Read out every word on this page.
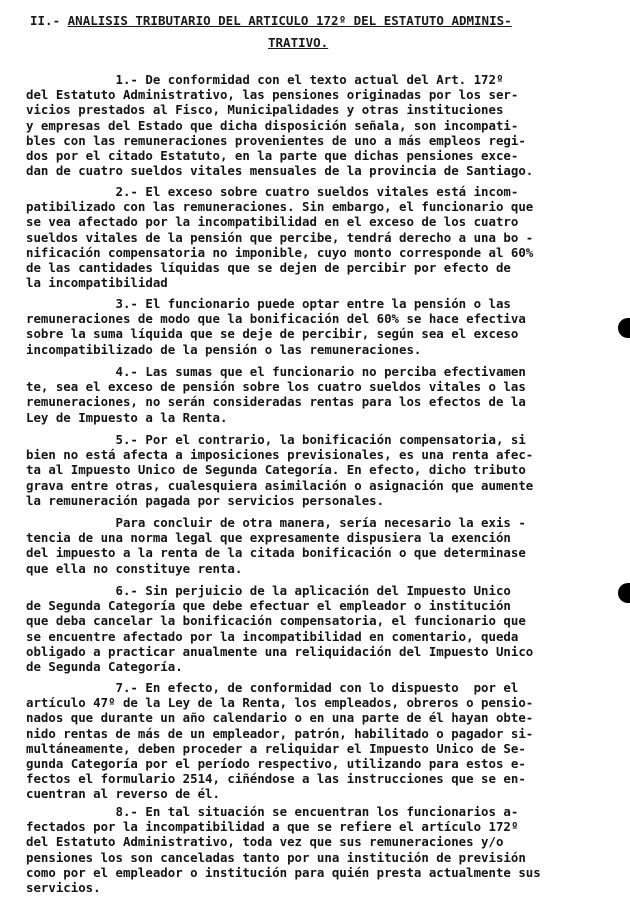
II.- ANALISIS TRIBUTARIO DEL ARTICULO 172º DEL ESTATUTO ADMINIS-
TRATIVO.
1.- De conformidad con el texto actual del Art. 172º
del Estatuto Administrativo, las pensiones originadas por los ser-
vicios prestados al Fisco, Municipalidades y otras instituciones
y empresas del Estado que dicha disposición señala, son incompati-
bles con las remuneraciones provenientes de uno a más empleos regi-
dos por el citado Estatuto, en la parte que dichas pensiones exce-
dan de cuatro sueldos vitales mensuales de la provincia de Santiago.
2.- El exceso sobre cuatro sueldos vitales está incom-
patibilizado con las remuneraciones. Sin embargo, el funcionario que
se vea afectado por la incompatibilidad en el exceso de los cuatro
sueldos vitales de la pensión que percibe, tendrá derecho a una bo -
nificación compensatoria no imponible, cuyo monto corresponde al 60%
de las cantidades líquidas que se dejen de percibir por efecto de
la incompatibilidad
3.- El funcionario puede optar entre la pensión o las
remuneraciones de modo que la bonificación del 60% se hace efectiva
sobre la suma líquida que se deje de percibir, según sea el exceso
incompatibilizado de la pensión o las remuneraciones.
4.- Las sumas que el funcionario no perciba efectivamen
te, sea el exceso de pensión sobre los cuatro sueldos vitales o las
remuneraciones, no serán consideradas rentas para los efectos de la
Ley de Impuesto a la Renta.
5.- Por el contrario, la bonificación compensatoria, si
bien no está afecta a imposiciones previsionales, es una renta afec-
ta al Impuesto Unico de Segunda Categoría. En efecto, dicho tributo
grava entre otras, cualesquiera asimilación o asignación que aumente
la remuneración pagada por servicios personales.
Para concluir de otra manera, sería necesario la exis -
tencia de una norma legal que expresamente dispusiera la exención
del impuesto a la renta de la citada bonificación o que determinase
que ella no constituye renta.
6.- Sin perjuicio de la aplicación del Impuesto Unico
de Segunda Categoría que debe efectuar el empleador o institución
que deba cancelar la bonificación compensatoria, el funcionario que
se encuentre afectado por la incompatibilidad en comentario, queda
obligado a practicar anualmente una reliquidación del Impuesto Unico
de Segunda Categoría.
7.- En efecto, de conformidad con lo dispuesto  por el
artículo 47º de la Ley de la Renta, los empleados, obreros o pensio-
nados que durante un año calendario o en una parte de él hayan obte-
nido rentas de más de un empleador, patrón, habilitado o pagador si-
multáneamente, deben proceder a reliquidar el Impuesto Unico de Se-
gunda Categoría por el período respectivo, utilizando para estos e-
fectos el formulario 2514, ciñéndose a las instrucciones que se en-
cuentran al reverso de él.
8.- En tal situación se encuentran los funcionarios a-
fectados por la incompatibilidad a que se refiere el artículo 172º
del Estatuto Administrativo, toda vez que sus remuneraciones y/o
pensiones los son canceladas tanto por una institución de previsión
como por el empleador o institución para quién presta actualmente sus
servicios.
